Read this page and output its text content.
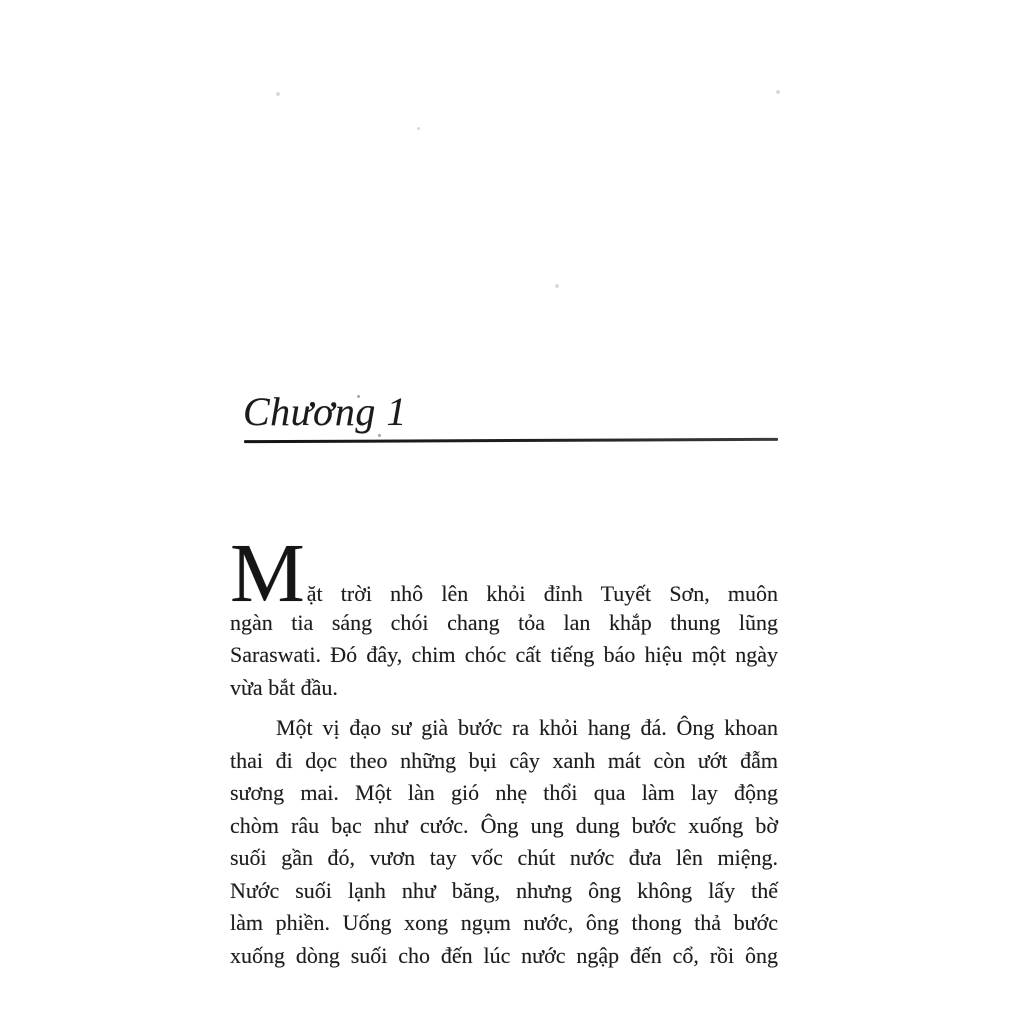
Chương 1
Mặt trời nhô lên khỏi đỉnh Tuyết Sơn, muôn
ngàn tia sáng chói chang tỏa lan khắp thung lũng
Saraswati. Đó đây, chim chóc cất tiếng báo hiệu một ngày
vừa bắt đầu.
Một vị đạo sư già bước ra khỏi hang đá. Ông khoan
thai đi dọc theo những bụi cây xanh mát còn ướt đẫm
sương mai. Một làn gió nhẹ thổi qua làm lay động
chòm râu bạc như cước. Ông ung dung bước xuống bờ
suối gần đó, vươn tay vốc chút nước đưa lên miệng.
Nước suối lạnh như băng, nhưng ông không lấy thế
làm phiền. Uống xong ngụm nước, ông thong thả bước
xuống dòng suối cho đến lúc nước ngập đến cổ, rồi ông
